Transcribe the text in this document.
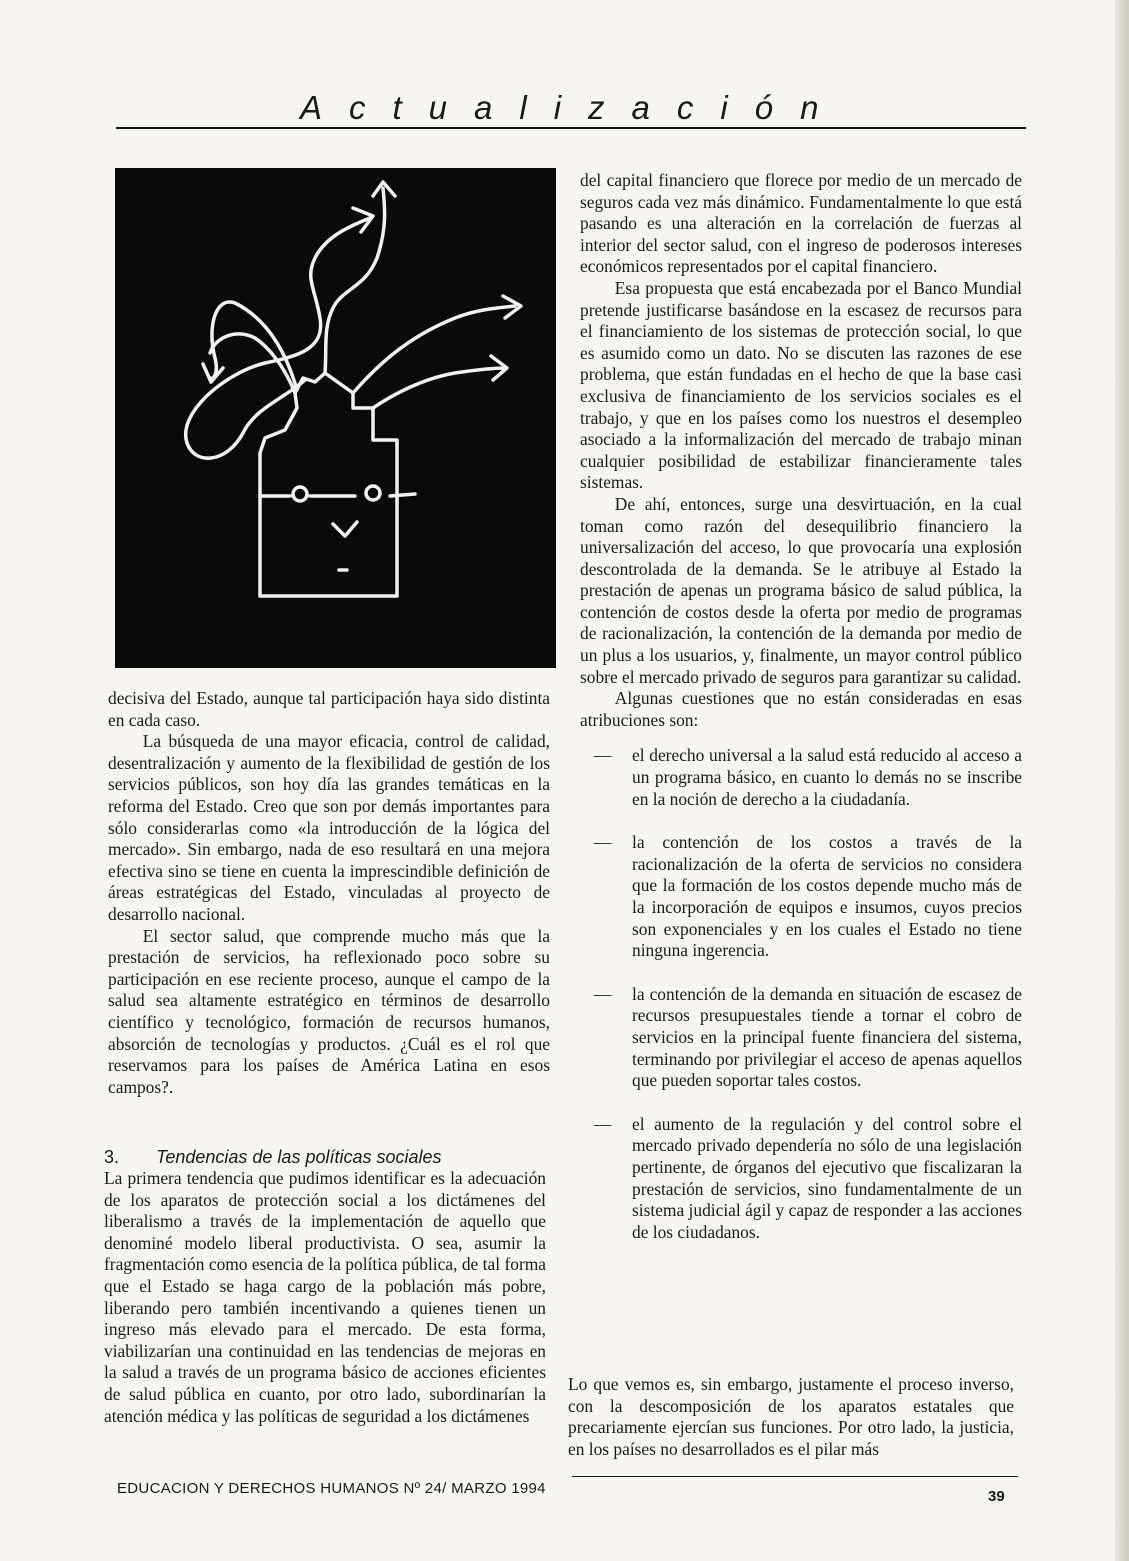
Actualización

decisiva del Estado, aunque tal participación haya sido distinta en cada caso.

La búsqueda de una mayor eficacia, control de calidad, desentralización y aumento de la flexibilidad de gestión de los servicios públicos, son hoy día las grandes temáticas en la reforma del Estado. Creo que son por demás importantes para sólo considerarlas como «la introducción de la lógica del mercado». Sin embargo, nada de eso resultará en una mejora efectiva sino se tiene en cuenta la imprescindible definición de áreas estratégicas del Estado, vinculadas al proyecto de desarrollo nacional.

El sector salud, que comprende mucho más que la prestación de servicios, ha reflexionado poco sobre su participación en ese reciente proceso, aunque el campo de la salud sea altamente estratégico en términos de desarrollo científico y tecnológico, formación de recursos humanos, absorción de tecnologías y productos. ¿Cuál es el rol que reservamos para los países de América Latina en esos campos?.

3. Tendencias de las políticas sociales

La primera tendencia que pudimos identificar es la adecuación de los aparatos de protección social a los dictámenes del liberalismo a través de la implementación de aquello que denominé modelo liberal productivista. O sea, asumir la fragmentación como esencia de la política pública, de tal forma que el Estado se haga cargo de la población más pobre, liberando pero también incentivando a quienes tienen un ingreso más elevado para el mercado. De esta forma, viabilizarían una continuidad en las tendencias de mejoras en la salud a través de un programa básico de acciones eficientes de salud pública en cuanto, por otro lado, subordinarían la atención médica y las políticas de seguridad a los dictámenes

del capital financiero que florece por medio de un mercado de seguros cada vez más dinámico. Fundamentalmente lo que está pasando es una alteración en la correlación de fuerzas al interior del sector salud, con el ingreso de poderosos intereses económicos representados por el capital financiero.

Esa propuesta que está encabezada por el Banco Mundial pretende justificarse basándose en la escasez de recursos para el financiamiento de los sistemas de protección social, lo que es asumido como un dato. No se discuten las razones de ese problema, que están fundadas en el hecho de que la base casi exclusiva de financiamiento de los servicios sociales es el trabajo, y que en los países como los nuestros el desempleo asociado a la informalización del mercado de trabajo minan cualquier posibilidad de estabilizar financieramente tales sistemas.

De ahí, entonces, surge una desvirtuación, en la cual toman como razón del desequilibrio financiero la universalización del acceso, lo que provocaría una explosión descontrolada de la demanda. Se le atribuye al Estado la prestación de apenas un programa básico de salud pública, la contención de costos desde la oferta por medio de programas de racionalización, la contención de la demanda por medio de un plus a los usuarios, y, finalmente, un mayor control público sobre el mercado privado de seguros para garantizar su calidad.

Algunas cuestiones que no están consideradas en esas atribuciones son:

—	el derecho universal a la salud está reducido al acceso a un programa básico, en cuanto lo demás no se inscribe en la noción de derecho a la ciudadanía.
—	la contención de los costos a través de la racionalización de la oferta de servicios no considera que la formación de los costos depende mucho más de la incorporación de equipos e insumos, cuyos precios son exponenciales y en los cuales el Estado no tiene ninguna ingerencia.
—	la contención de la demanda en situación de escasez de recursos presupuestales tiende a tornar el cobro de servicios en la principal fuente financiera del sistema, terminando por privilegiar el acceso de apenas aquellos que pueden soportar tales costos.
—	el aumento de la regulación y del control sobre el mercado privado dependería no sólo de una legislación pertinente, de órganos del ejecutivo que fiscalizaran la prestación de servicios, sino fundamentalmente de un sistema judicial ágil y capaz de responder a las acciones de los ciudadanos.

Lo que vemos es, sin embargo, justamente el proceso inverso, con la descomposición de los aparatos estatales que precariamente ejercían sus funciones. Por otro lado, la justicia, en los países no desarrollados es el pilar más

EDUCACION Y DERECHOS HUMANOS Nº 24/ MARZO 1994	39
